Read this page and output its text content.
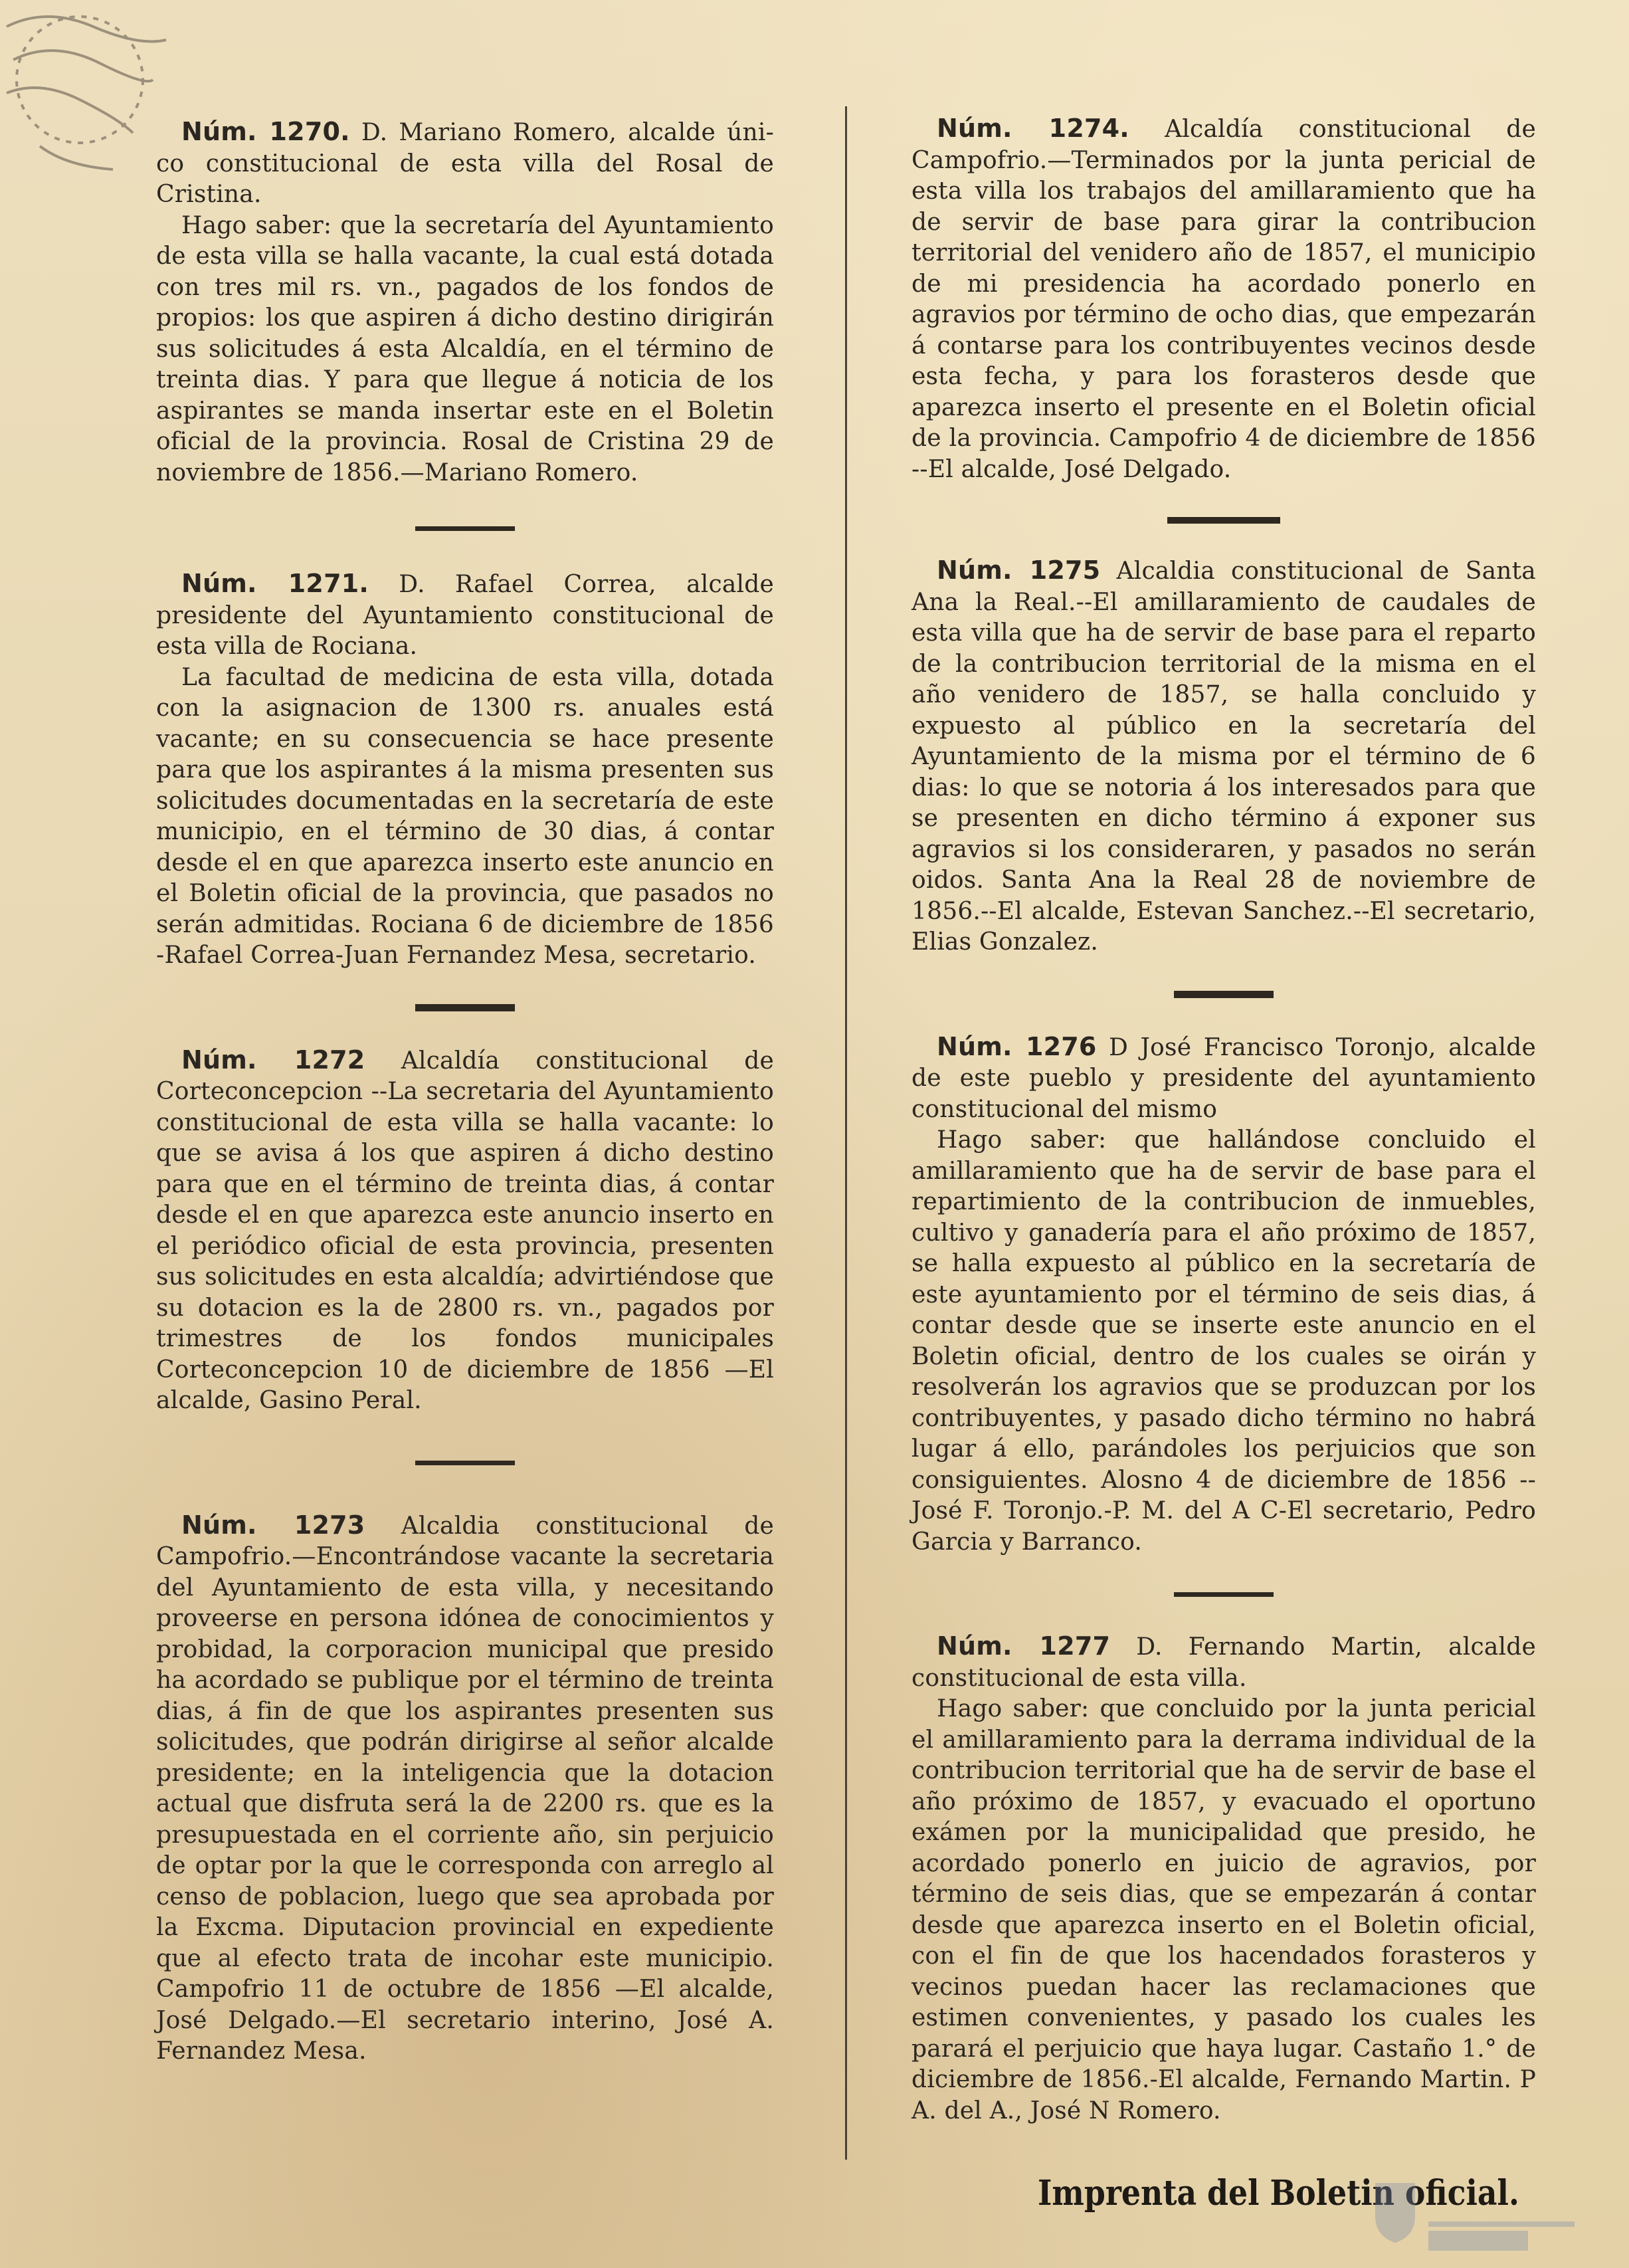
Núm. 1270. D. Mariano Romero, alcalde úni-co constitucional de esta villa del Rosal de Cristina.

Hago saber: que la secretaría del Ayuntamiento de esta villa se halla vacante, la cual está dotada con tres mil rs. vn., pagados de los fondos de propios: los que aspiren á dicho destino dirigirán sus solicitudes á esta Alcaldía, en el término de treinta dias. Y para que llegue á noticia de los aspirantes se manda insertar este en el Boletin oficial de la provincia. Rosal de Cristina 29 de noviembre de 1856.—Mariano Romero.

Núm. 1271. D. Rafael Correa, alcalde presidente del Ayuntamiento constitucional de esta villa de Rociana.

La facultad de medicina de esta villa, dotada con la asignacion de 1300 rs. anuales está vacante; en su consecuencia se hace presente para que los aspirantes á la misma presenten sus solicitudes documentadas en la secretaría de este municipio, en el término de 30 dias, á contar desde el en que aparezca inserto este anuncio en el Boletin oficial de la provincia, que pasados no serán admitidas. Rociana 6 de diciembre de 1856 -Rafael Correa-Juan Fernandez Mesa, secretario.

Núm. 1272 Alcaldía constitucional de Corteconcepcion --La secretaria del Ayuntamiento constitucional de esta villa se halla vacante: lo que se avisa á los que aspiren á dicho destino para que en el término de treinta dias, á contar desde el en que aparezca este anuncio inserto en el periódico oficial de esta provincia, presenten sus solicitudes en esta alcaldía; advirtiéndose que su dotacion es la de 2800 rs. vn., pagados por trimestres de los fondos municipales Corteconcepcion 10 de diciembre de 1856 —El alcalde, Gasino Peral.

Núm. 1273 Alcaldia constitucional de Campofrio.—Encontrándose vacante la secretaria del Ayuntamiento de esta villa, y necesitando proveerse en persona idónea de conocimientos y probidad, la corporacion municipal que presido ha acordado se publique por el término de treinta dias, á fin de que los aspirantes presenten sus solicitudes, que podrán dirigirse al señor alcalde presidente; en la inteligencia que la dotacion actual que disfruta será la de 2200 rs. que es la presupuestada en el corriente año, sin perjuicio de optar por la que le corresponda con arreglo al censo de poblacion, luego que sea aprobada por la Excma. Diputacion provincial en expediente que al efecto trata de incohar este municipio. Campofrio 11 de octubre de 1856 —El alcalde, José Delgado.—El secretario interino, José A. Fernandez Mesa.

Núm. 1274. Alcaldía constitucional de Campofrio.—Terminados por la junta pericial de esta villa los trabajos del amillaramiento que ha de servir de base para girar la contribucion territorial del venidero año de 1857, el municipio de mi presidencia ha acordado ponerlo en agravios por término de ocho dias, que empezarán á contarse para los contribuyentes vecinos desde esta fecha, y para los forasteros desde que aparezca inserto el presente en el Boletin oficial de la provincia. Campofrio 4 de diciembre de 1856 --El alcalde, José Delgado.

Núm. 1275 Alcaldia constitucional de Santa Ana la Real.--El amillaramiento de caudales de esta villa que ha de servir de base para el reparto de la contribucion territorial de la misma en el año venidero de 1857, se halla concluido y expuesto al público en la secretaría del Ayuntamiento de la misma por el término de 6 dias: lo que se notoria á los interesados para que se presenten en dicho término á exponer sus agravios si los consideraren, y pasados no serán oidos. Santa Ana la Real 28 de noviembre de 1856.--El alcalde, Estevan Sanchez.--El secretario, Elias Gonzalez.

Núm. 1276 D José Francisco Toronjo, alcalde de este pueblo y presidente del ayuntamiento constitucional del mismo

Hago saber: que hallándose concluido el amillaramiento que ha de servir de base para el repartimiento de la contribucion de inmuebles, cultivo y ganadería para el año próximo de 1857, se halla expuesto al público en la secretaría de este ayuntamiento por el término de seis dias, á contar desde que se inserte este anuncio en el Boletin oficial, dentro de los cuales se oirán y resolverán los agravios que se produzcan por los contribuyentes, y pasado dicho término no habrá lugar á ello, parándoles los perjuicios que son consiguientes. Alosno 4 de diciembre de 1856 --José F. Toronjo.-P. M. del A C-El secretario, Pedro Garcia y Barranco.

Núm. 1277 D. Fernando Martin, alcalde constitucional de esta villa.

Hago saber: que concluido por la junta pericial el amillaramiento para la derrama individual de la contribucion territorial que ha de servir de base el año próximo de 1857, y evacuado el oportuno exámen por la municipalidad que presido, he acordado ponerlo en juicio de agravios, por término de seis dias, que se empezarán á contar desde que aparezca inserto en el Boletin oficial, con el fin de que los hacendados forasteros y vecinos puedan hacer las reclamaciones que estimen convenientes, y pasado los cuales les parará el perjuicio que haya lugar. Castaño 1.° de diciembre de 1856.-El alcalde, Fernando Martin. P A. del A., José N Romero.

Imprenta del Boletin oficial.
